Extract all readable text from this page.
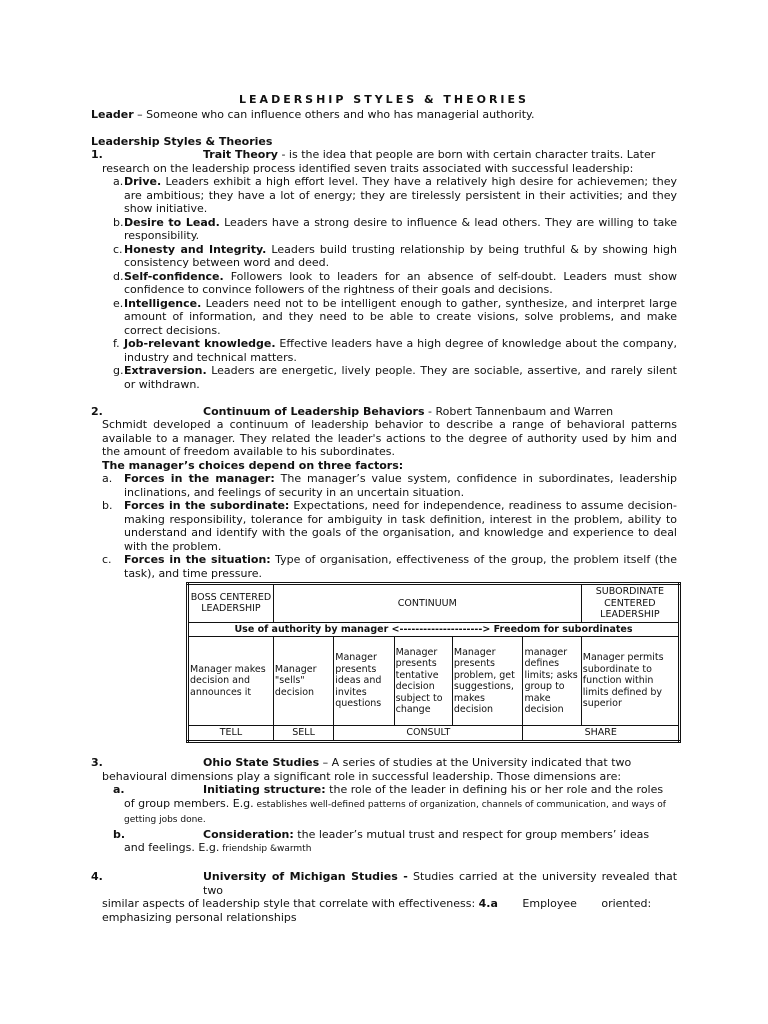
LEADERSHIP STYLES & THEORIES

Leader – Someone who can influence others and who has managerial authority.

Leadership Styles & Theories

1.	Trait Theory - is the idea that people are born with certain character traits. Later

research on the leadership process identified seven traits associated with successful leadership:

a. Drive. Leaders exhibit a high effort level. They have a relatively high desire for achievemen; they are ambitious; they have a lot of energy; they are tirelessly persistent in their activities; and they show initiative.
b. Desire to Lead. Leaders have a strong desire to influence & lead others. They are willing to take responsibility.
c. Honesty and Integrity. Leaders build trusting relationship by being truthful & by showing high consistency between word and deed.
d. Self-confidence. Followers look to leaders for an absence of self-doubt. Leaders must show confidence to convince followers of the rightness of their goals and decisions.
e. Intelligence. Leaders need not to be intelligent enough to gather, synthesize, and interpret large amount of information, and they need to be able to create visions, solve problems, and make correct decisions.
f. Job-relevant knowledge. Effective leaders have a high degree of knowledge about the company, industry and technical matters.
g. Extraversion. Leaders are energetic, lively people. They are sociable, assertive, and rarely silent or withdrawn.
2.	Continuum of Leadership Behaviors - Robert Tannenbaum and Warren

Schmidt developed a continuum of leadership behavior to describe a range of behavioral patterns available to a manager. They related the leader's actions to the degree of authority used by him and the amount of freedom available to his subordinates.

The manager’s choices depend on three factors:

a.	Forces in the manager: The manager’s value system, confidence in subordinates, leadership inclinations, and feelings of security in an uncertain situation.
b.	Forces in the subordinate: Expectations, need for independence, readiness to assume decision-making responsibility, tolerance for ambiguity in task definition, interest in the problem, ability to understand and identify with the goals of the organisation, and knowledge and experience to deal with the problem.
c.	Forces in the situation: Type of organisation, effectiveness of the group, the problem itself (the task), and time pressure.
BOSS CENTERED LEADERSHIP	CONTINUUM					SUBORDINATE CENTERED LEADERSHIP
Use of authority by manager <---------------------> Freedom for subordinates						
Manager makes decision and announces it	Manager "sells" decision	Manager presents ideas and invites questions	Manager presents tentative decision subject to change	Manager presents problem, get suggestions, makes decision	manager defines limits; asks group to make decision	Manager permits subordinate to function within limits defined by superior
TELL	SELL	CONSULT			SHARE	
3.	Ohio State Studies – A series of studies at the University indicated that two

behavioural dimensions play a significant role in successful leadership. Those dimensions are:

a.	Initiating structure: the role of the leader in defining his or her role and the roles
of group members. E.g. establishes well-defined patterns of organization, channels of communication, and ways of getting jobs done.
b.	Consideration: the leader’s mutual trust and respect for group members’ ideas
and feelings. E.g. friendship &warmth
4.	University of Michigan Studies - Studies carried at the university revealed that two

similar aspects of leadership style that correlate with effectiveness: 4.a       Employee       oriented:
emphasizing personal relationships
